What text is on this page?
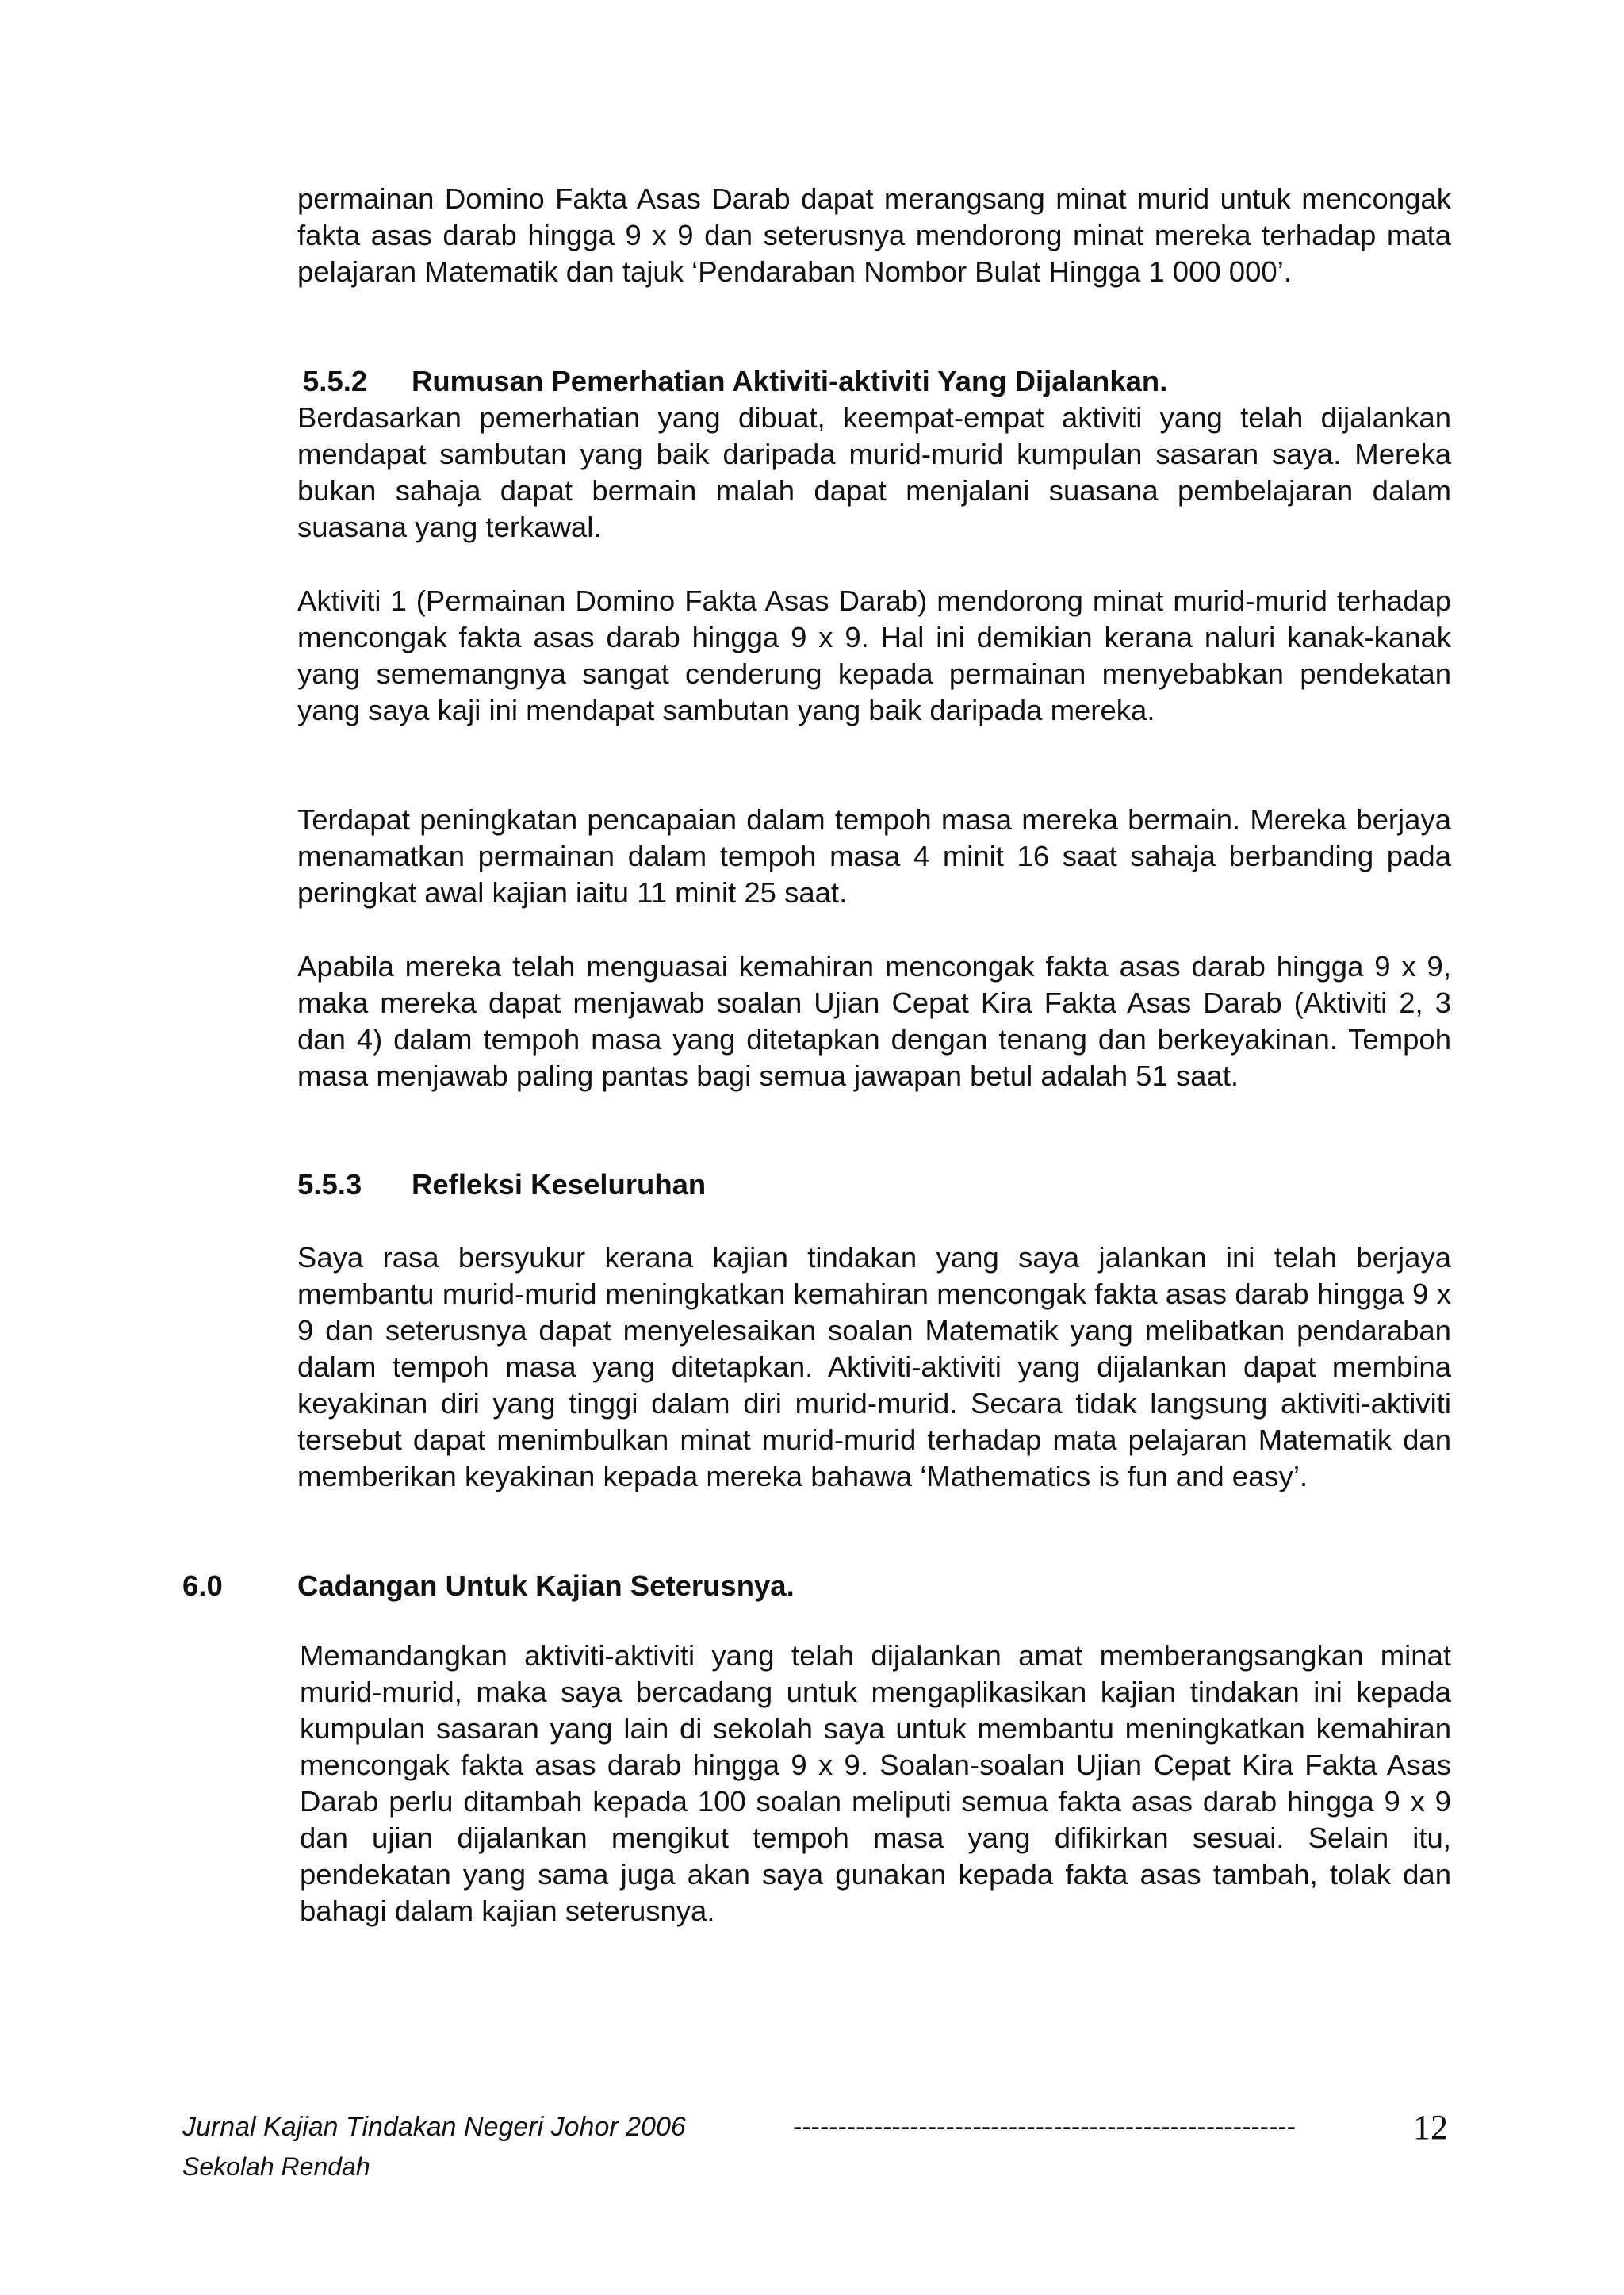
permainan Domino Fakta Asas Darab dapat merangsang minat murid untuk mencongak fakta asas darab hingga 9 x 9 dan seterusnya mendorong minat mereka terhadap mata pelajaran Matematik dan tajuk ‘Pendaraban Nombor Bulat Hingga 1 000 000’.

5.5.2 Rumusan Pemerhatian Aktiviti-aktiviti Yang Dijalankan.

Berdasarkan pemerhatian yang dibuat, keempat-empat aktiviti yang telah dijalankan mendapat sambutan yang baik daripada murid-murid kumpulan sasaran saya. Mereka bukan sahaja dapat bermain malah dapat menjalani suasana pembelajaran dalam suasana yang terkawal.

Aktiviti 1 (Permainan Domino Fakta Asas Darab) mendorong minat murid-murid terhadap mencongak fakta asas darab hingga 9 x 9. Hal ini demikian kerana naluri kanak-kanak yang sememangnya sangat cenderung kepada permainan menyebabkan pendekatan yang saya kaji ini mendapat sambutan yang baik daripada mereka.

Terdapat peningkatan pencapaian dalam tempoh masa mereka bermain. Mereka berjaya menamatkan permainan dalam tempoh masa 4 minit 16 saat sahaja berbanding pada peringkat awal kajian iaitu 11 minit 25 saat.

Apabila mereka telah menguasai kemahiran mencongak fakta asas darab hingga 9 x 9, maka mereka dapat menjawab soalan Ujian Cepat Kira Fakta Asas Darab (Aktiviti 2, 3 dan 4) dalam tempoh masa yang ditetapkan dengan tenang dan berkeyakinan. Tempoh masa menjawab paling pantas bagi semua jawapan betul adalah 51 saat.

5.5.3 Refleksi Keseluruhan

Saya rasa bersyukur kerana kajian tindakan yang saya jalankan ini telah berjaya membantu murid-murid meningkatkan kemahiran mencongak fakta asas darab hingga 9 x 9 dan seterusnya dapat menyelesaikan soalan Matematik yang melibatkan pendaraban dalam tempoh masa yang ditetapkan. Aktiviti-aktiviti yang dijalankan dapat membina keyakinan diri yang tinggi dalam diri murid-murid. Secara tidak langsung aktiviti-aktiviti tersebut dapat menimbulkan minat murid-murid terhadap mata pelajaran Matematik dan memberikan keyakinan kepada mereka bahawa ‘Mathematics is fun and easy’.

6.0	Cadangan Untuk Kajian Seterusnya.

Memandangkan aktiviti-aktiviti yang telah dijalankan amat memberangsangkan minat murid-murid, maka saya bercadang untuk mengaplikasikan kajian tindakan ini kepada kumpulan sasaran yang lain di sekolah saya untuk membantu meningkatkan kemahiran mencongak fakta asas darab hingga 9 x 9. Soalan-soalan Ujian Cepat Kira Fakta Asas Darab perlu ditambah kepada 100 soalan meliputi semua fakta asas darab hingga 9 x 9 dan ujian dijalankan mengikut tempoh masa yang difikirkan sesuai. Selain itu, pendekatan yang sama juga akan saya gunakan kepada fakta asas tambah, tolak dan bahagi dalam kajian seterusnya.

Jurnal Kajian Tindakan Negeri Johor 2006	--------------------------------------------------------	12
Sekolah Rendah
